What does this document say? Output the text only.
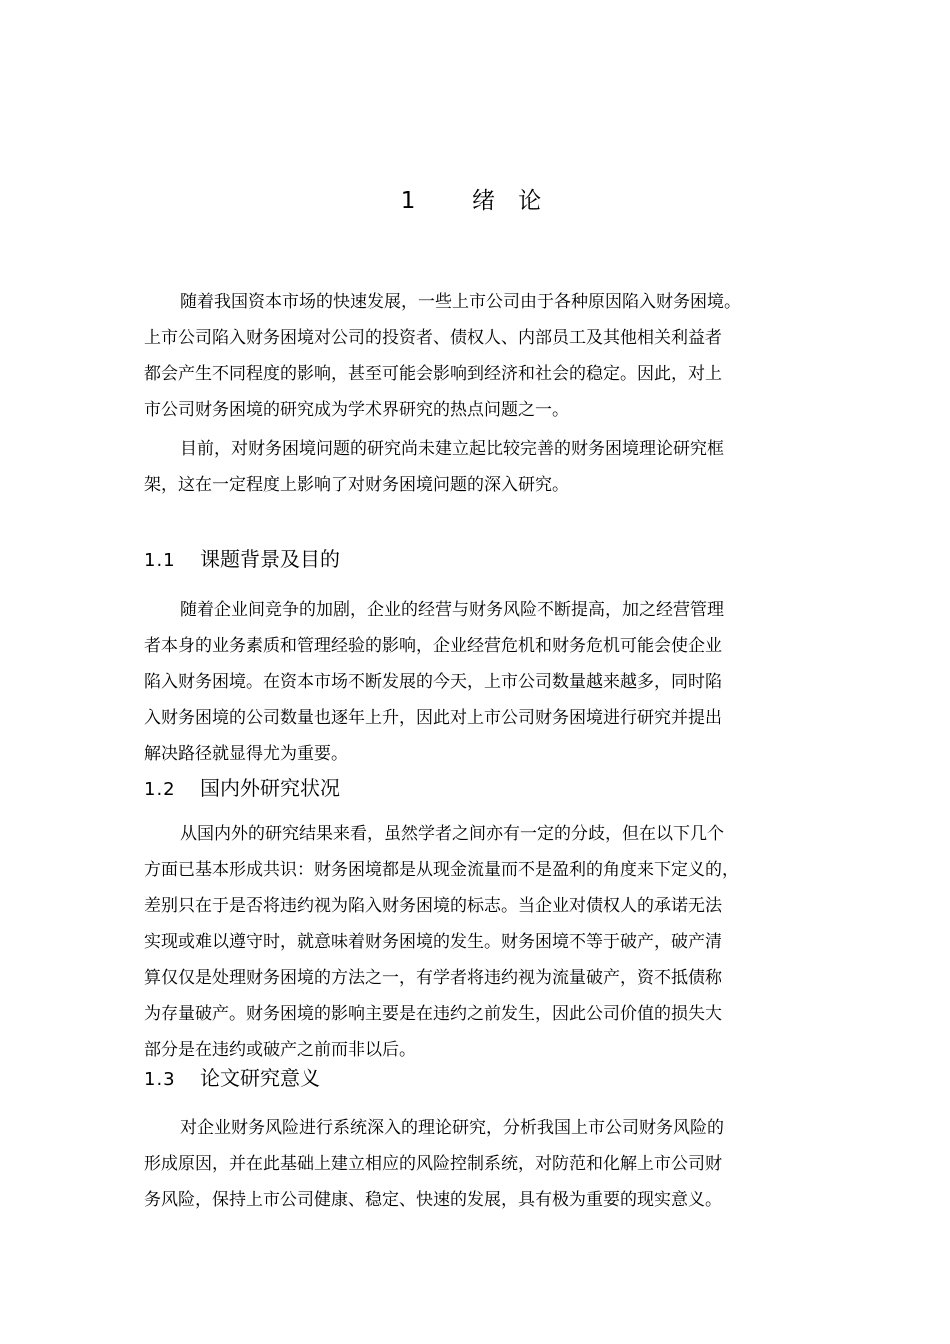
1 绪 论
随着我国资本市场的快速发展，一些上市公司由于各种原因陷入财务困境。
上市公司陷入财务困境对公司的投资者、债权人、内部员工及其他相关利益者
都会产生不同程度的影响，甚至可能会影响到经济和社会的稳定。因此，对上
市公司财务困境的研究成为学术界研究的热点问题之一。
目前，对财务困境问题的研究尚未建立起比较完善的财务困境理论研究框
架，这在一定程度上影响了对财务困境问题的深入研究。
1.1 课题背景及目的
随着企业间竞争的加剧，企业的经营与财务风险不断提高，加之经营管理
者本身的业务素质和管理经验的影响，企业经营危机和财务危机可能会使企业
陷入财务困境。在资本市场不断发展的今天，上市公司数量越来越多，同时陷
入财务困境的公司数量也逐年上升，因此对上市公司财务困境进行研究并提出
解决路径就显得尤为重要。
1.2 国内外研究状况
从国内外的研究结果来看，虽然学者之间亦有一定的分歧，但在以下几个
方面已基本形成共识：财务困境都是从现金流量而不是盈利的角度来下定义的，
差别只在于是否将违约视为陷入财务困境的标志。当企业对债权人的承诺无法
实现或难以遵守时，就意味着财务困境的发生。财务困境不等于破产，破产清
算仅仅是处理财务困境的方法之一，有学者将违约视为流量破产，资不抵债称
为存量破产。财务困境的影响主要是在违约之前发生，因此公司价值的损失大
部分是在违约或破产之前而非以后。
1.3 论文研究意义
对企业财务风险进行系统深入的理论研究，分析我国上市公司财务风险的
形成原因，并在此基础上建立相应的风险控制系统，对防范和化解上市公司财
务风险，保持上市公司健康、稳定、快速的发展，具有极为重要的现实意义。
